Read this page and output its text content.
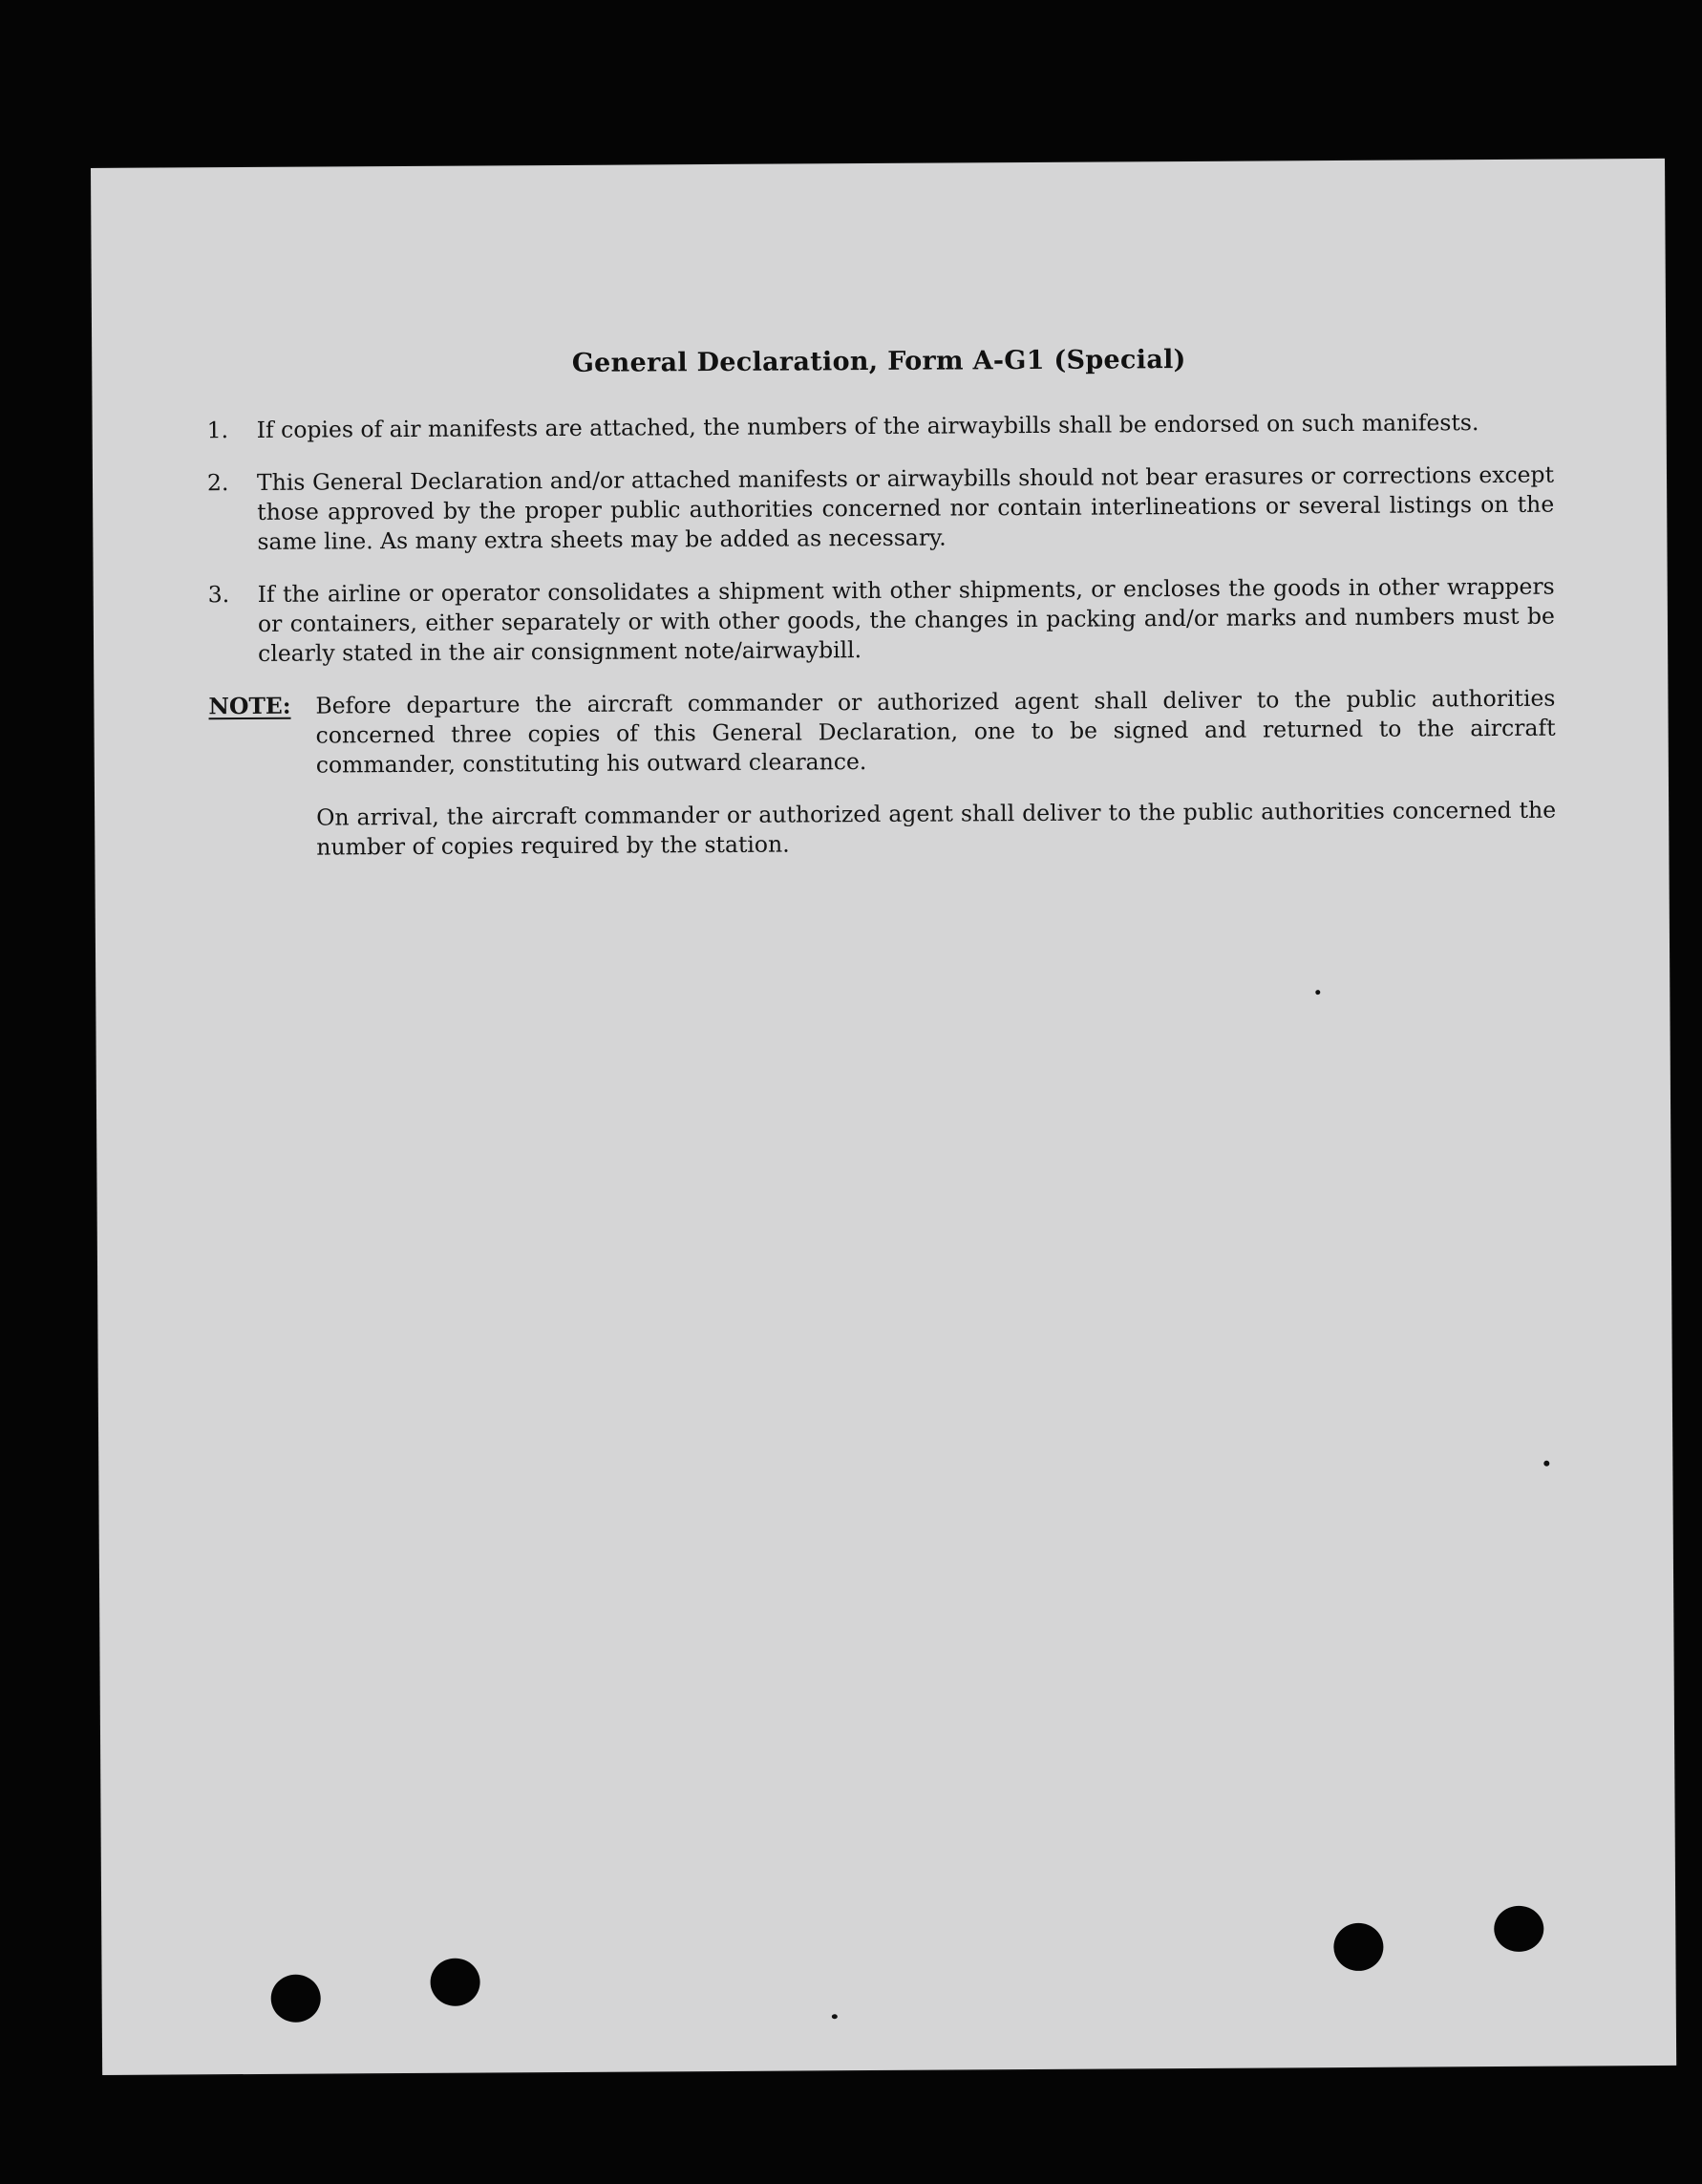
General Declaration, Form A-G1 (Special)
1.	If copies of air manifests are attached, the numbers of the airwaybills shall be endorsed on such manifests.
2.	This General Declaration and/or attached manifests or airwaybills should not bear erasures or corrections except those approved by the proper public authorities concerned nor contain interlineations or several listings on the same line. As many extra sheets may be added as necessary.
3.	If the airline or operator consolidates a shipment with other shipments, or encloses the goods in other wrappers or containers, either separately or with other goods, the changes in packing and/or marks and numbers must be clearly stated in the air consignment note/airwaybill.
NOTE:	Before departure the aircraft commander or authorized agent shall deliver to the public authorities concerned three copies of this General Declaration, one to be signed and returned to the aircraft commander, constituting his outward clearance.

On arrival, the aircraft commander or authorized agent shall deliver to the public authorities concerned the number of copies required by the station.
